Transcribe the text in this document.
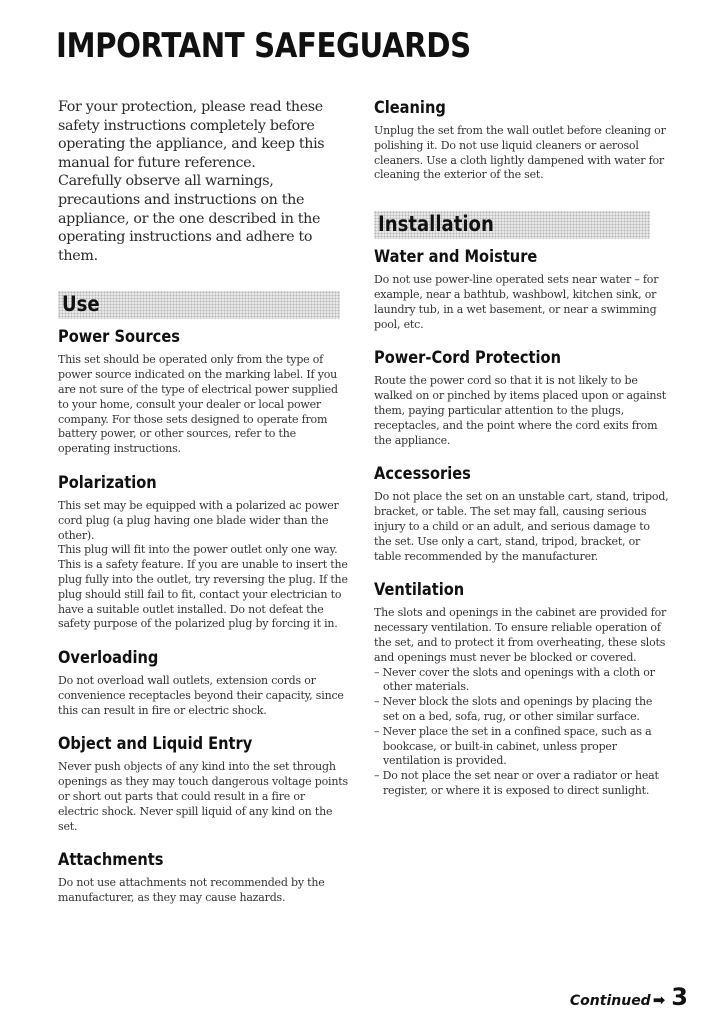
IMPORTANT SAFEGUARDS

For your protection, please read these safety instructions completely before operating the appliance, and keep this manual for future reference.

Carefully observe all warnings, precautions and instructions on the appliance, or the one described in the operating instructions and adhere to them.

Use
Power Sources

This set should be operated only from the type of power source indicated on the marking label. If you are not sure of the type of electrical power supplied to your home, consult your dealer or local power company. For those sets designed to operate from battery power, or other sources, refer to the operating instructions.

Polarization

This set may be equipped with a polarized ac power cord plug (a plug having one blade wider than the other).

This plug will fit into the power outlet only one way. This is a safety feature. If you are unable to insert the plug fully into the outlet, try reversing the plug. If the plug should still fail to fit, contact your electrician to have a suitable outlet installed. Do not defeat the safety purpose of the polarized plug by forcing it in.

Overloading

Do not overload wall outlets, extension cords or convenience receptacles beyond their capacity, since this can result in fire or electric shock.

Object and Liquid Entry

Never push objects of any kind into the set through openings as they may touch dangerous voltage points or short out parts that could result in a fire or electric shock. Never spill liquid of any kind on the set.

Attachments

Do not use attachments not recommended by the manufacturer, as they may cause hazards.

Cleaning

Unplug the set from the wall outlet before cleaning or polishing it. Do not use liquid cleaners or aerosol cleaners. Use a cloth lightly dampened with water for cleaning the exterior of the set.

Installation
Water and Moisture

Do not use power-line operated sets near water – for example, near a bathtub, washbowl, kitchen sink, or laundry tub, in a wet basement, or near a swimming pool, etc.

Power-Cord Protection

Route the power cord so that it is not likely to be walked on or pinched by items placed upon or against them, paying particular attention to the plugs, receptacles, and the point where the cord exits from the appliance.

Accessories

Do not place the set on an unstable cart, stand, tripod, bracket, or table. The set may fall, causing serious injury to a child or an adult, and serious damage to the set. Use only a cart, stand, tripod, bracket, or table recommended by the manufacturer.

Ventilation

The slots and openings in the cabinet are provided for necessary ventilation. To ensure reliable operation of the set, and to protect it from overheating, these slots and openings must never be blocked or covered.

– Never cover the slots and openings with a cloth or other materials.
– Never block the slots and openings by placing the set on a bed, sofa, rug, or other similar surface.
– Never place the set in a confined space, such as a bookcase, or built-in cabinet, unless proper ventilation is provided.
– Do not place the set near or over a radiator or heat register, or where it is exposed to direct sunlight.
Continued ➡ 3
